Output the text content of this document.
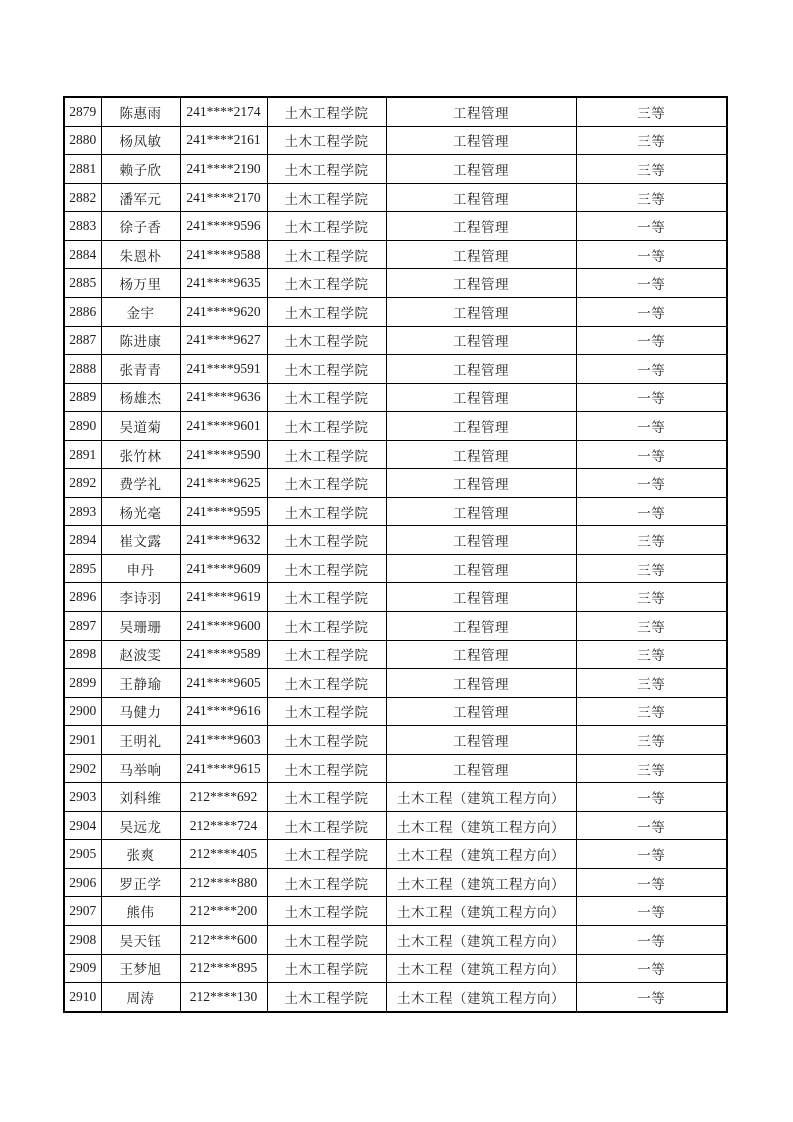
2879	陈惠雨	241****2174	土木工程学院	工程管理	三等
2880	杨凤敏	241****2161	土木工程学院	工程管理	三等
2881	赖子欣	241****2190	土木工程学院	工程管理	三等
2882	潘军元	241****2170	土木工程学院	工程管理	三等
2883	徐子香	241****9596	土木工程学院	工程管理	一等
2884	朱恩朴	241****9588	土木工程学院	工程管理	一等
2885	杨万里	241****9635	土木工程学院	工程管理	一等
2886	金宇	241****9620	土木工程学院	工程管理	一等
2887	陈进康	241****9627	土木工程学院	工程管理	一等
2888	张青青	241****9591	土木工程学院	工程管理	一等
2889	杨雄杰	241****9636	土木工程学院	工程管理	一等
2890	吴道菊	241****9601	土木工程学院	工程管理	一等
2891	张竹林	241****9590	土木工程学院	工程管理	一等
2892	费学礼	241****9625	土木工程学院	工程管理	一等
2893	杨光毫	241****9595	土木工程学院	工程管理	一等
2894	崔文露	241****9632	土木工程学院	工程管理	三等
2895	申丹	241****9609	土木工程学院	工程管理	三等
2896	李诗羽	241****9619	土木工程学院	工程管理	三等
2897	吴珊珊	241****9600	土木工程学院	工程管理	三等
2898	赵波雯	241****9589	土木工程学院	工程管理	三等
2899	王静瑜	241****9605	土木工程学院	工程管理	三等
2900	马健力	241****9616	土木工程学院	工程管理	三等
2901	王明礼	241****9603	土木工程学院	工程管理	三等
2902	马举响	241****9615	土木工程学院	工程管理	三等
2903	刘科维	212****692	土木工程学院	土木工程（建筑工程方向）	一等
2904	吴远龙	212****724	土木工程学院	土木工程（建筑工程方向）	一等
2905	张爽	212****405	土木工程学院	土木工程（建筑工程方向）	一等
2906	罗正学	212****880	土木工程学院	土木工程（建筑工程方向）	一等
2907	熊伟	212****200	土木工程学院	土木工程（建筑工程方向）	一等
2908	吴天钰	212****600	土木工程学院	土木工程（建筑工程方向）	一等
2909	王梦旭	212****895	土木工程学院	土木工程（建筑工程方向）	一等
2910	周涛	212****130	土木工程学院	土木工程（建筑工程方向）	一等
